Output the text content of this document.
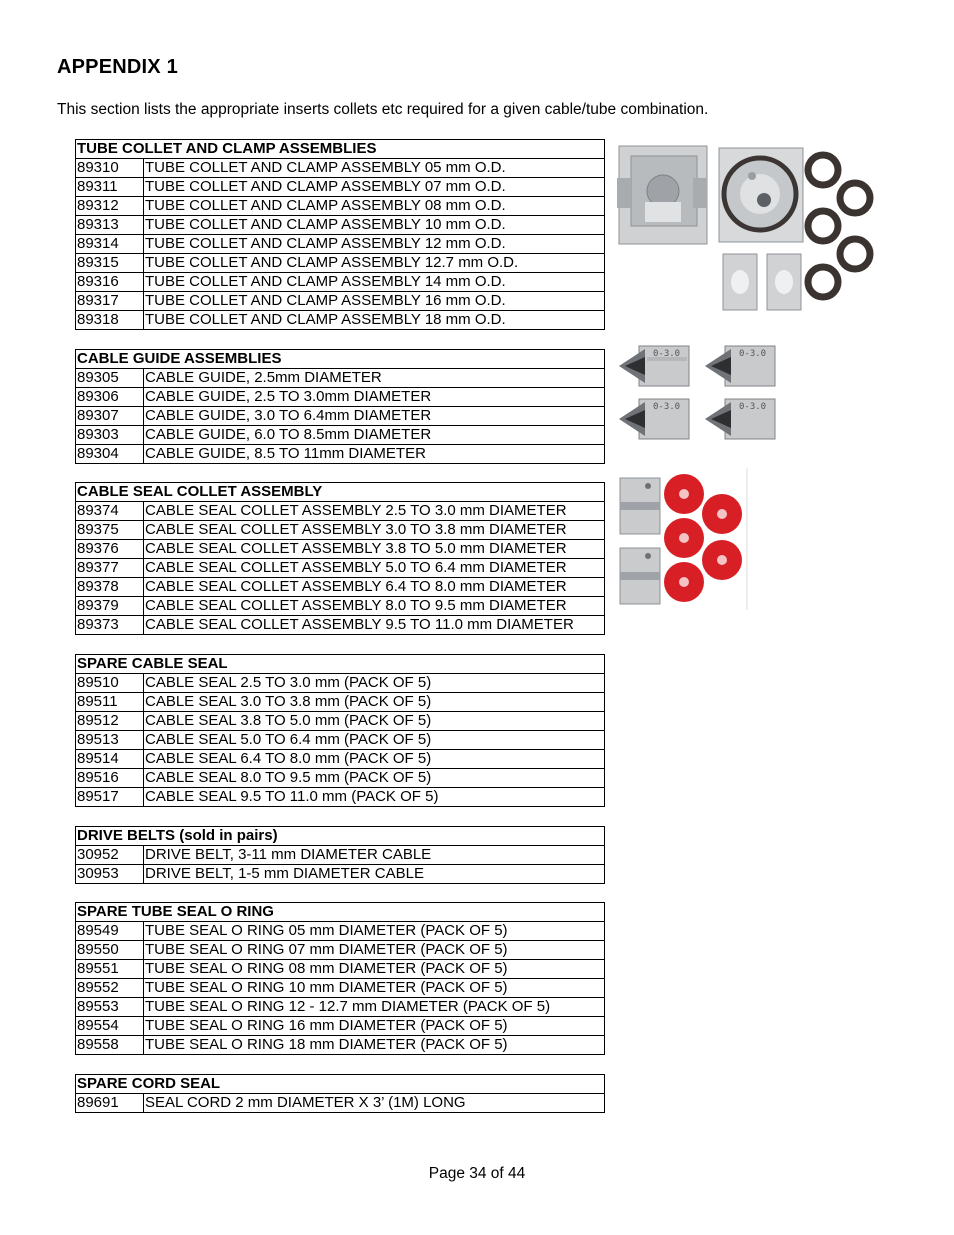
APPENDIX 1
This section lists the appropriate inserts collets etc required for a given cable/tube combination.
TUBE COLLET AND CLAMP ASSEMBLIES	
89310	TUBE COLLET AND CLAMP ASSEMBLY 05 mm O.D.
89311	TUBE COLLET AND CLAMP ASSEMBLY 07 mm O.D.
89312	TUBE COLLET AND CLAMP ASSEMBLY 08 mm O.D.
89313	TUBE COLLET AND CLAMP ASSEMBLY 10 mm O.D.
89314	TUBE COLLET AND CLAMP ASSEMBLY 12 mm O.D.
89315	TUBE COLLET AND CLAMP ASSEMBLY 12.7 mm O.D.
89316	TUBE COLLET AND CLAMP ASSEMBLY 14 mm O.D.
89317	TUBE COLLET AND CLAMP ASSEMBLY 16 mm O.D.
89318	TUBE COLLET AND CLAMP ASSEMBLY 18 mm O.D.
CABLE GUIDE ASSEMBLIES	
89305	CABLE GUIDE, 2.5mm DIAMETER
89306	CABLE GUIDE, 2.5 TO 3.0mm DIAMETER
89307	CABLE GUIDE, 3.0 TO 6.4mm DIAMETER
89303	CABLE GUIDE, 6.0 TO 8.5mm DIAMETER
89304	CABLE GUIDE, 8.5 TO 11mm DIAMETER
CABLE SEAL COLLET ASSEMBLY	
89374	CABLE SEAL COLLET ASSEMBLY 2.5 TO 3.0 mm DIAMETER
89375	CABLE SEAL COLLET ASSEMBLY 3.0 TO 3.8 mm DIAMETER
89376	CABLE SEAL COLLET ASSEMBLY 3.8 TO 5.0 mm DIAMETER
89377	CABLE SEAL COLLET ASSEMBLY 5.0 TO 6.4 mm DIAMETER
89378	CABLE SEAL COLLET ASSEMBLY 6.4 TO 8.0 mm DIAMETER
89379	CABLE SEAL COLLET ASSEMBLY 8.0 TO 9.5 mm DIAMETER
89373	CABLE SEAL COLLET ASSEMBLY 9.5 TO 11.0 mm DIAMETER
SPARE CABLE SEAL	
89510	CABLE SEAL 2.5 TO 3.0 mm (PACK OF 5)
89511	CABLE SEAL 3.0 TO 3.8 mm (PACK OF 5)
89512	CABLE SEAL 3.8 TO 5.0 mm (PACK OF 5)
89513	CABLE SEAL 5.0 TO 6.4 mm (PACK OF 5)
89514	CABLE SEAL 6.4 TO 8.0 mm (PACK OF 5)
89516	CABLE SEAL 8.0 TO 9.5 mm (PACK OF 5)
89517	CABLE SEAL 9.5 TO 11.0 mm (PACK OF 5)
DRIVE BELTS (sold in pairs)	
30952	DRIVE BELT, 3-11 mm DIAMETER CABLE
30953	DRIVE BELT, 1-5 mm DIAMETER CABLE
SPARE TUBE SEAL O RING	
89549	TUBE SEAL O RING 05 mm DIAMETER (PACK OF 5)
89550	TUBE SEAL O RING 07 mm DIAMETER (PACK OF 5)
89551	TUBE SEAL O RING 08 mm DIAMETER (PACK OF 5)
89552	TUBE SEAL O RING 10 mm DIAMETER (PACK OF 5)
89553	TUBE SEAL O RING 12 - 12.7 mm DIAMETER (PACK OF 5)
89554	TUBE SEAL O RING 16 mm DIAMETER (PACK OF 5)
89558	TUBE SEAL O RING 18 mm DIAMETER (PACK OF 5)
SPARE CORD SEAL
89691	SEAL CORD 2 mm DIAMETER X 3’ (1M) LONG
0-3.0	0-3.0
0-3.0	0-3.0
Page 34 of 44
